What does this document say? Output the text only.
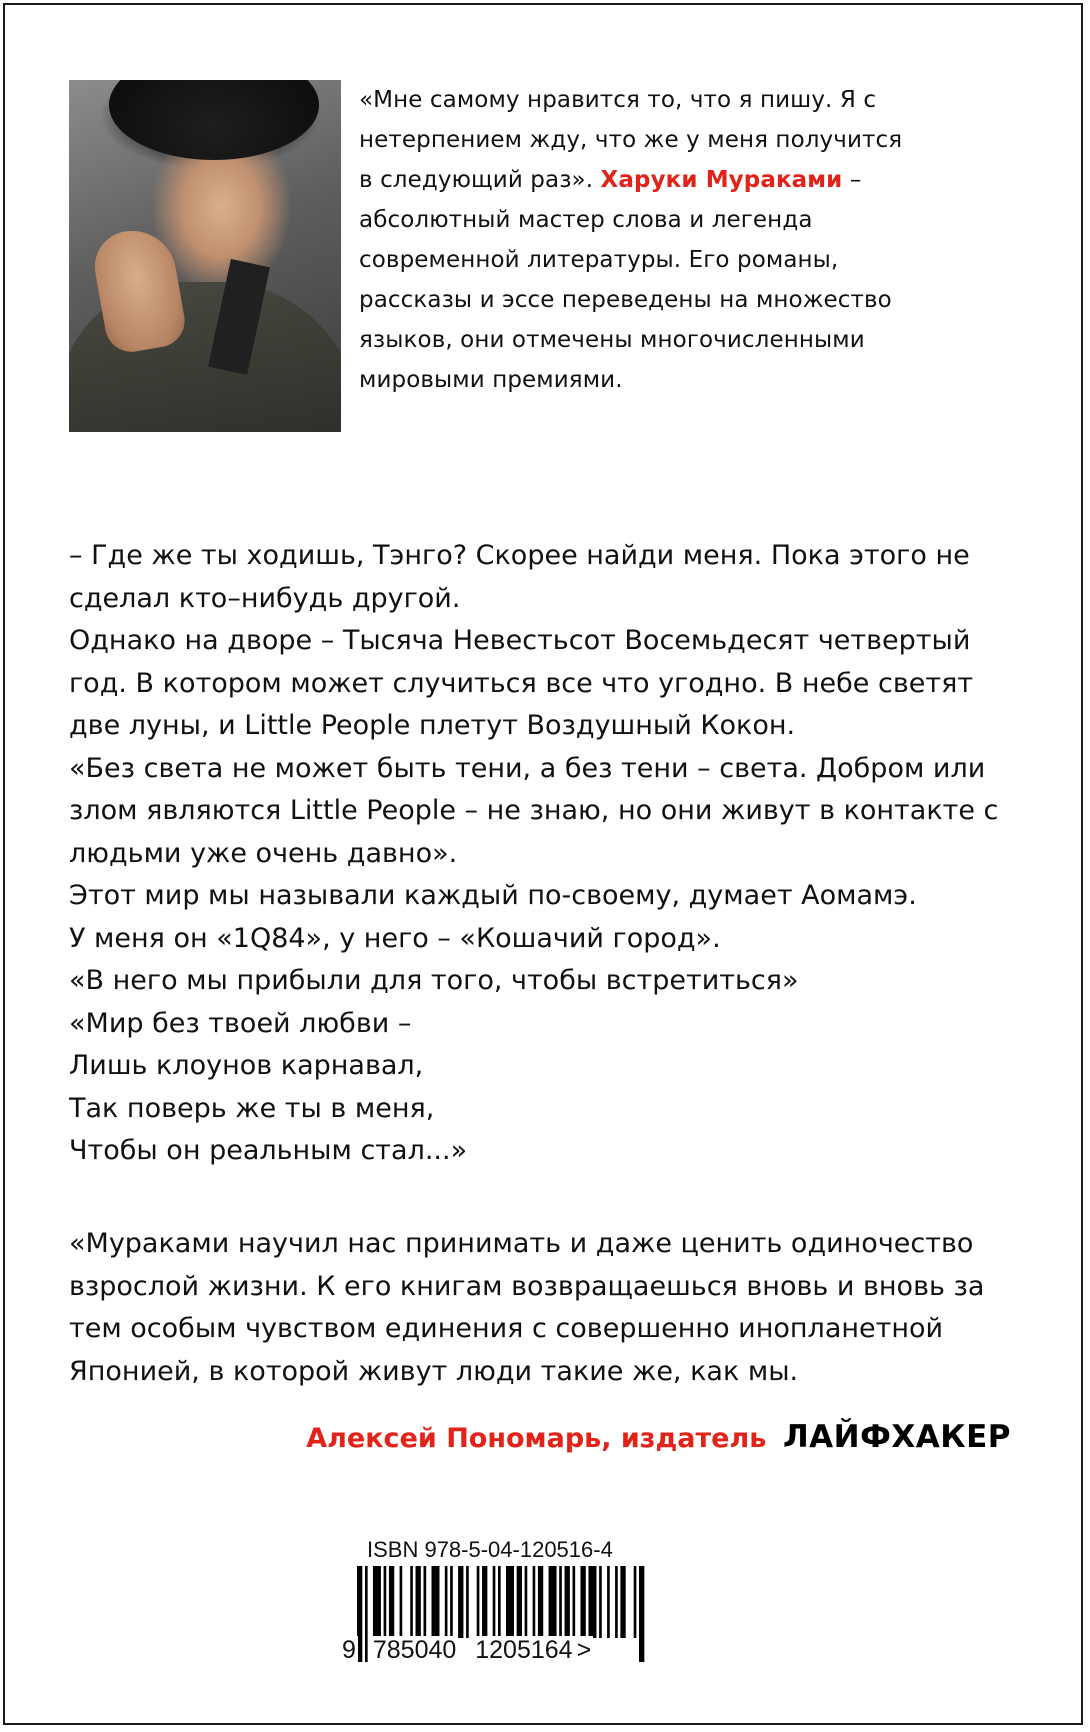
«Мне самому нравится то, что я пишу. Я с нетерпением жду, что же у меня получится в следующий раз». Харуки Мураками – абсолютный мастер слова и легенда современной литературы. Его романы, рассказы и эссе переведены на множество языков, они отмечены многочисленными мировыми премиями.

– Где же ты ходишь, Тэнго? Скорее найди меня. Пока этого не сделал кто–нибудь другой.

Однако на дворе – Тысяча Невестьсот Восемьдесят четвертый год. В котором может случиться все что угодно. В небе светят две луны, и Little People плетут Воздушный Кокон.

«Без света не может быть тени, а без тени – света. Добром или злом являются Little People – не знаю, но они живут в контакте с людьми уже очень давно».

Этот мир мы называли каждый по-своему, думает Аомамэ.

У меня он «1Q84», у него – «Кошачий город».

«В него мы прибыли для того, чтобы встретиться»

«Мир без твоей любви –
Лишь клоунов карнавал,
Так поверь же ты в меня,
Чтобы он реальным стал...»

«Мураками научил нас принимать и даже ценить одиночество взрослой жизни. К его книгам возвращаешься вновь и вновь за тем особым чувством единения с совершенно инопланетной Японией, в которой живут люди такие же, как мы.
Алексей Пономарь, издатель ЛАЙФХАКЕР
ISBN 978-5-04-120516-4
9 785040 1205164 >
